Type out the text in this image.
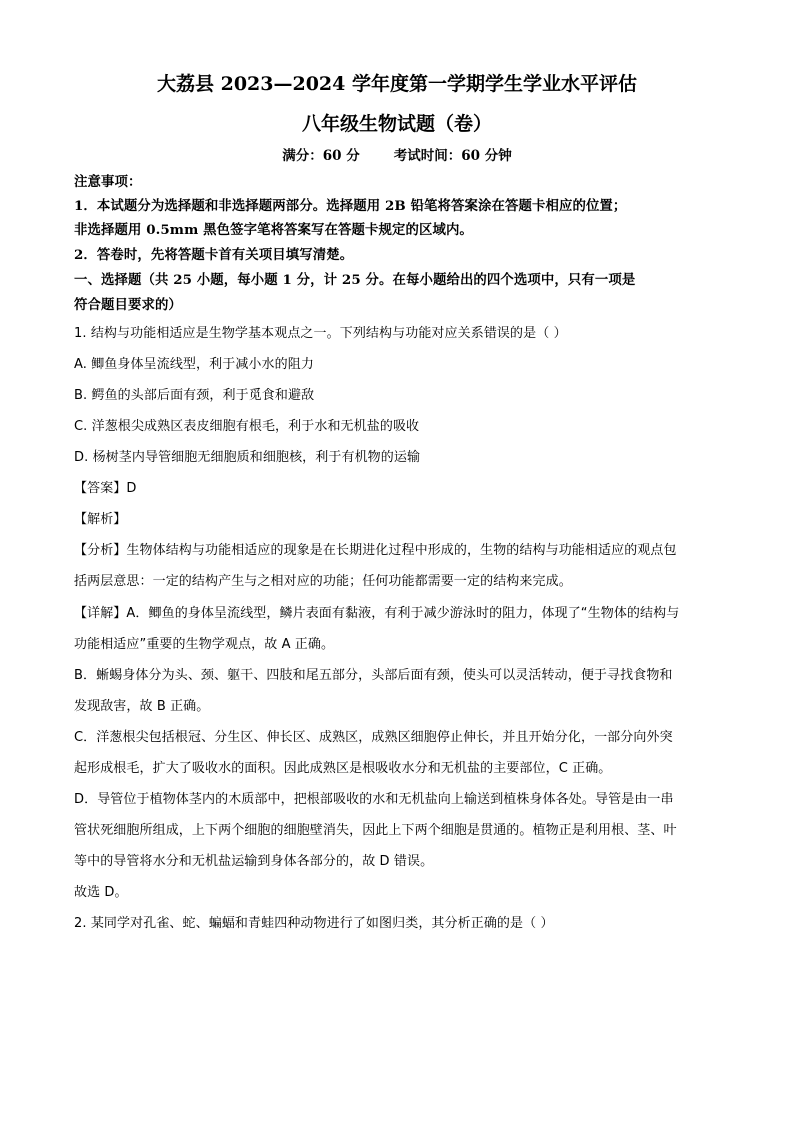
大荔县 2023—2024 学年度第一学期学生学业水平评估
八年级生物试题（卷）
满分：60 分	考试时间：60 分钟
注意事项：
1．本试题分为选择题和非选择题两部分。选择题用 2B 铅笔将答案涂在答题卡相应的位置；
非选择题用 0.5mm 黑色签字笔将答案写在答题卡规定的区域内。
2．答卷时，先将答题卡首有关项目填写清楚。
一、选择题（共 25 小题，每小题 1 分，计 25 分。在每小题给出的四个选项中，只有一项是
符合题目要求的）
1. 结构与功能相适应是生物学基本观点之一。下列结构与功能对应关系错误的是（ ）
A. 鲫鱼身体呈流线型，利于减小水的阻力
B. 鳄鱼的头部后面有颈，利于觅食和避敌
C. 洋葱根尖成熟区表皮细胞有根毛，利于水和无机盐的吸收
D. 杨树茎内导管细胞无细胞质和细胞核，利于有机物的运输
【答案】D
【解析】
【分析】生物体结构与功能相适应的现象是在长期进化过程中形成的，生物的结构与功能相适应的观点包
括两层意思：一定的结构产生与之相对应的功能；任何功能都需要一定的结构来完成。
【详解】A．鲫鱼的身体呈流线型，鳞片表面有黏液，有利于减少游泳时的阻力，体现了“生物体的结构与
功能相适应”重要的生物学观点，故 A 正确。
B．蜥蜴身体分为头、颈、躯干、四肢和尾五部分，头部后面有颈，使头可以灵活转动，便于寻找食物和
发现敌害，故 B 正确。
C．洋葱根尖包括根冠、分生区、伸长区、成熟区，成熟区细胞停止伸长，并且开始分化，一部分向外突
起形成根毛，扩大了吸收水的面积。因此成熟区是根吸收水分和无机盐的主要部位，C 正确。
D．导管位于植物体茎内的木质部中，把根部吸收的水和无机盐向上输送到植株身体各处。导管是由一串
管状死细胞所组成，上下两个细胞的细胞壁消失，因此上下两个细胞是贯通的。植物正是利用根、茎、叶
等中的导管将水分和无机盐运输到身体各部分的，故 D 错误。
故选 D。
2. 某同学对孔雀、蛇、蝙蝠和青蛙四种动物进行了如图归类，其分析正确的是（ ）
